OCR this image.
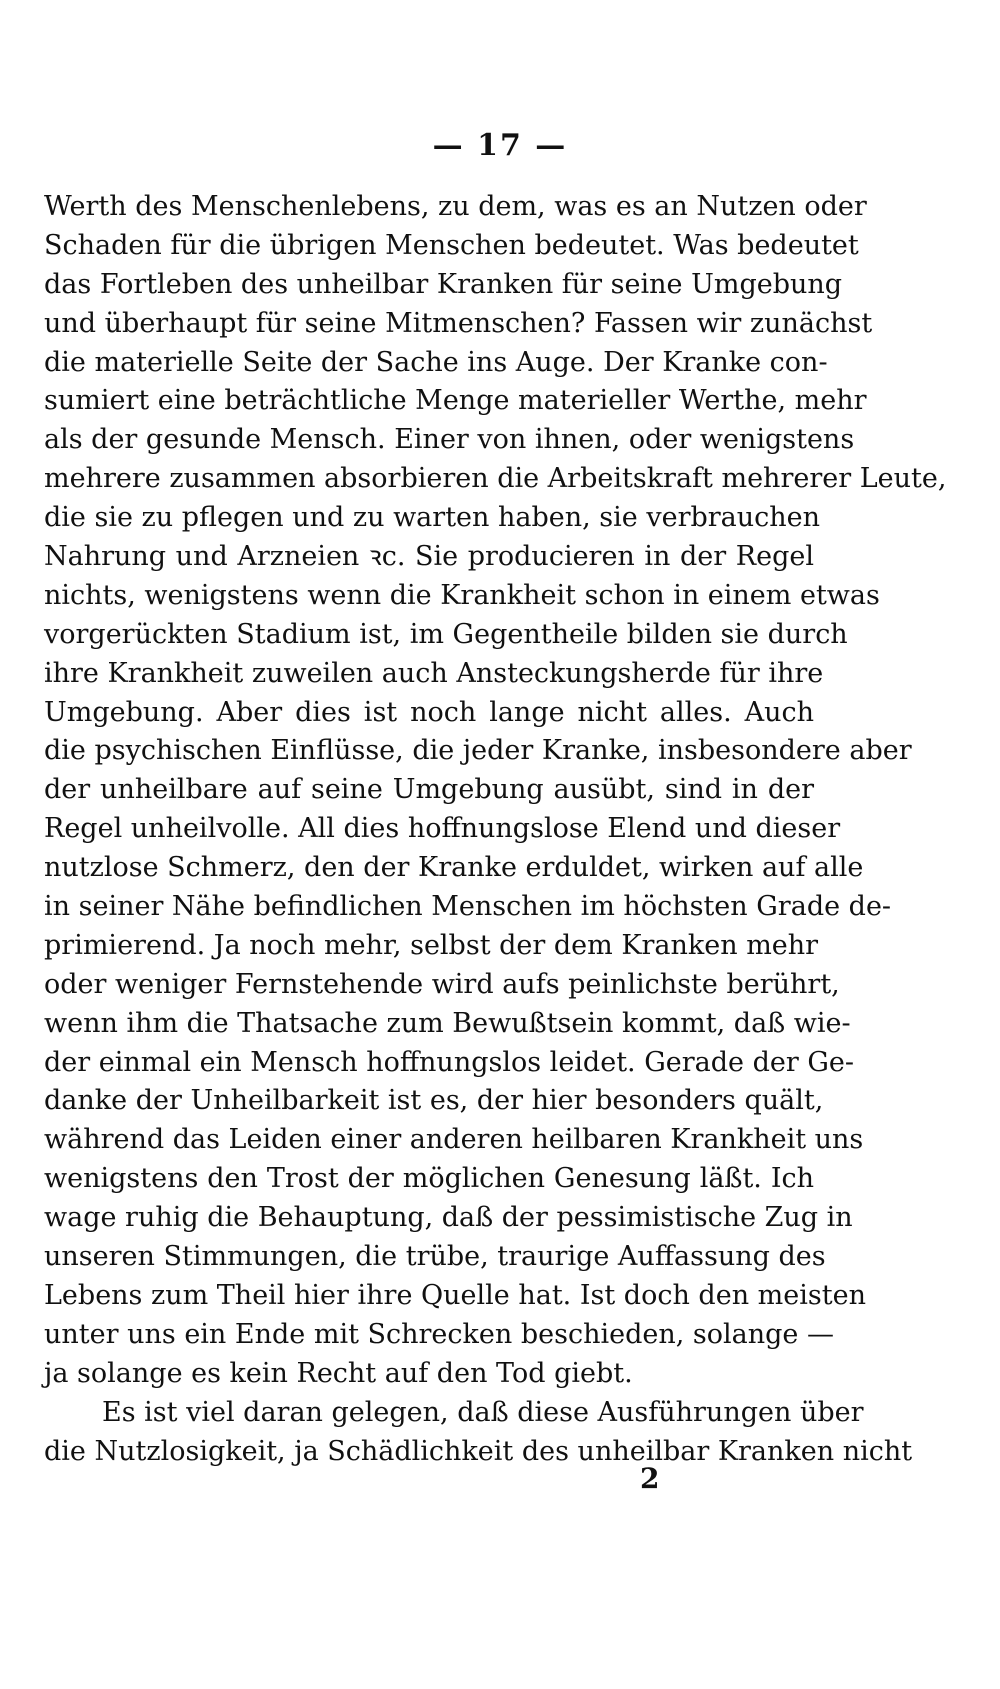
— 17 —
Werth des Menschenlebens, zu dem, was es an Nutzen oder
Schaden für die übrigen Menschen bedeutet. Was bedeutet
das Fortleben des unheilbar Kranken für seine Umgebung
und überhaupt für seine Mitmenschen? Fassen wir zunächst
die materielle Seite der Sache ins Auge. Der Kranke con-
sumiert eine beträchtliche Menge materieller Werthe, mehr
als der gesunde Mensch. Einer von ihnen, oder wenigstens
mehrere zusammen absorbieren die Arbeitskraft mehrerer Leute,
die sie zu pflegen und zu warten haben, sie verbrauchen
Nahrung und Arzneien ꝛc. Sie producieren in der Regel
nichts, wenigstens wenn die Krankheit schon in einem etwas
vorgerückten Stadium ist, im Gegentheile bilden sie durch
ihre Krankheit zuweilen auch Ansteckungsherde für ihre
Umgebung. Aber dies ist noch lange nicht alles. Auch
die psychischen Einflüsse, die jeder Kranke, insbesondere aber
der unheilbare auf seine Umgebung ausübt, sind in der
Regel unheilvolle. All dies hoffnungslose Elend und dieser
nutzlose Schmerz, den der Kranke erduldet, wirken auf alle
in seiner Nähe befindlichen Menschen im höchsten Grade de-
primierend. Ja noch mehr, selbst der dem Kranken mehr
oder weniger Fernstehende wird aufs peinlichste berührt,
wenn ihm die Thatsache zum Bewußtsein kommt, daß wie-
der einmal ein Mensch hoffnungslos leidet. Gerade der Ge-
danke der Unheilbarkeit ist es, der hier besonders quält,
während das Leiden einer anderen heilbaren Krankheit uns
wenigstens den Trost der möglichen Genesung läßt. Ich
wage ruhig die Behauptung, daß der pessimistische Zug in
unseren Stimmungen, die trübe, traurige Auffassung des
Lebens zum Theil hier ihre Quelle hat. Ist doch den meisten
unter uns ein Ende mit Schrecken beschieden, solange —
ja solange es kein Recht auf den Tod giebt.
Es ist viel daran gelegen, daß diese Ausführungen über
die Nutzlosigkeit, ja Schädlichkeit des unheilbar Kranken nicht
2
